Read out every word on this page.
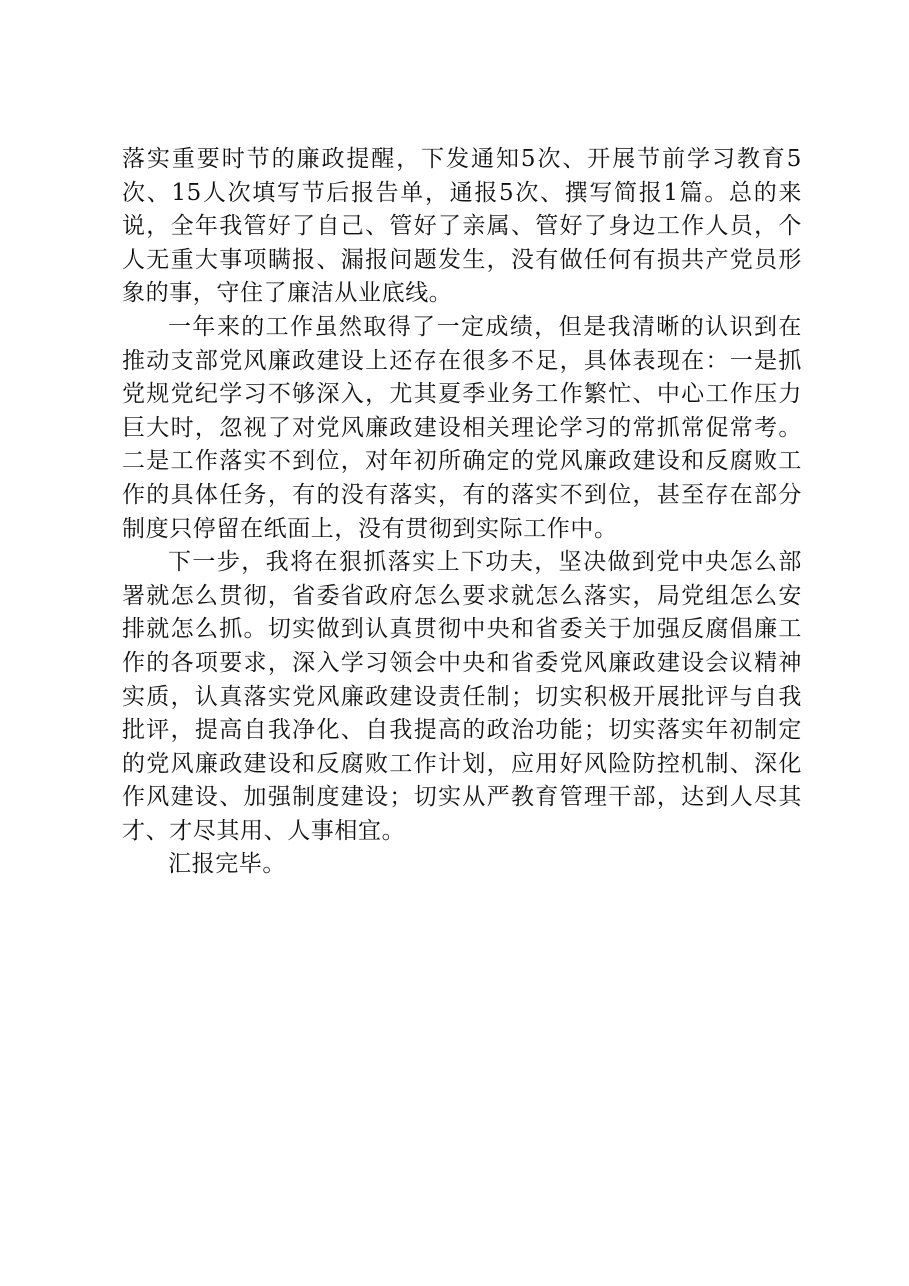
落实重要时节的廉政提醒，下发通知5次、开展节前学习教育5次、15人次填写节后报告单，通报5次、撰写简报1篇。总的来说，全年我管好了自己、管好了亲属、管好了身边工作人员，个人无重大事项瞒报、漏报问题发生，没有做任何有损共产党员形象的事，守住了廉洁从业底线。

一年来的工作虽然取得了一定成绩，但是我清晰的认识到在推动支部党风廉政建设上还存在很多不足，具体表现在：一是抓党规党纪学习不够深入，尤其夏季业务工作繁忙、中心工作压力巨大时，忽视了对党风廉政建设相关理论学习的常抓常促常考。二是工作落实不到位，对年初所确定的党风廉政建设和反腐败工作的具体任务，有的没有落实，有的落实不到位，甚至存在部分制度只停留在纸面上，没有贯彻到实际工作中。

下一步，我将在狠抓落实上下功夫，坚决做到党中央怎么部署就怎么贯彻，省委省政府怎么要求就怎么落实，局党组怎么安排就怎么抓。切实做到认真贯彻中央和省委关于加强反腐倡廉工作的各项要求，深入学习领会中央和省委党风廉政建设会议精神实质，认真落实党风廉政建设责任制；切实积极开展批评与自我批评，提高自我净化、自我提高的政治功能；切实落实年初制定的党风廉政建设和反腐败工作计划，应用好风险防控机制、深化作风建设、加强制度建设；切实从严教育管理干部，达到人尽其才、才尽其用、人事相宜。

汇报完毕。
